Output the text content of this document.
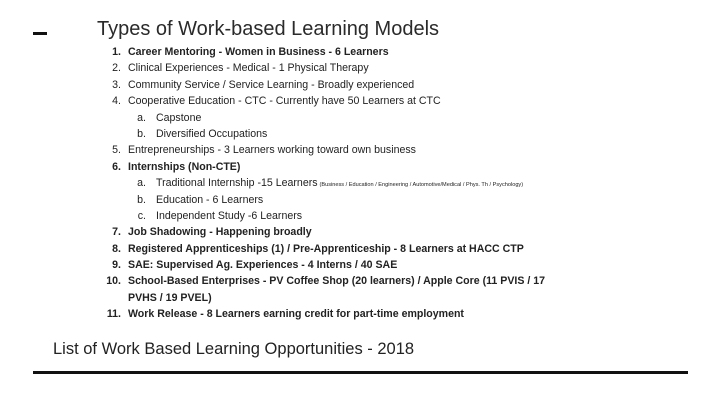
Types of Work-based Learning Models
1. Career Mentoring - Women in Business - 6 Learners
2. Clinical Experiences - Medical - 1 Physical Therapy
3. Community Service / Service Learning - Broadly experienced
4. Cooperative Education - CTC - Currently have 50 Learners at CTC
a. Capstone
b. Diversified Occupations
5. Entrepreneurships - 3 Learners working toward own business
6. Internships (Non-CTE)
a. Traditional Internship -15 Learners (Business / Education / Engineering / Automotive/Medical / Phys. Th / Psychology)
b. Education - 6 Learners
c. Independent Study -6 Learners
7. Job Shadowing - Happening broadly
8. Registered Apprenticeships (1) / Pre-Apprenticeship - 8 Learners at HACC CTP
9. SAE: Supervised Ag. Experiences - 4 Interns / 40 SAE
10. School-Based Enterprises - PV Coffee Shop (20 learners) / Apple Core (11 PVIS / 17
PVHS / 19 PVEL)
11. Work Release - 8 Learners earning credit for part-time employment
List of Work Based Learning Opportunities - 2018
